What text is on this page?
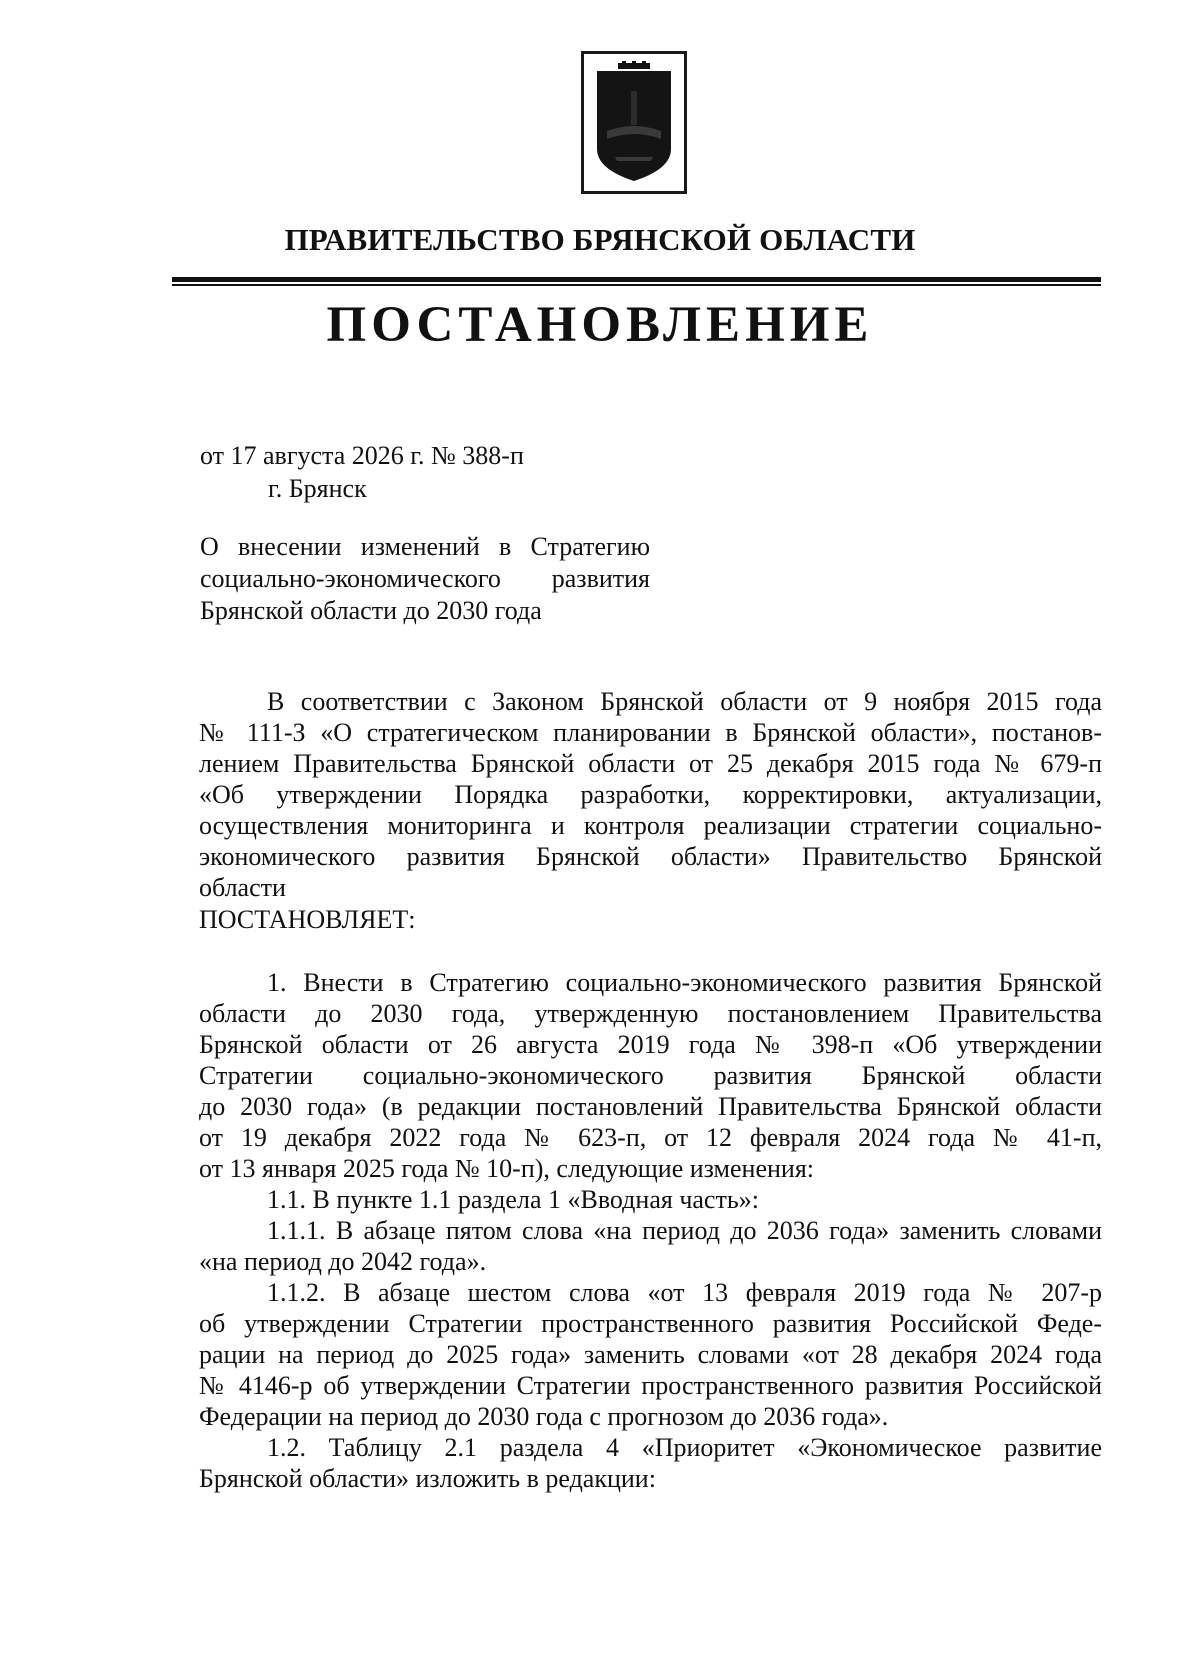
ПРАВИТЕЛЬСТВО БРЯНСКОЙ ОБЛАСТИ
ПОСТАНОВЛЕНИЕ
от 17 августа 2026 г. № 388-п
г. Брянск
О внесении изменений в Стратегию
социально-экономического развития
Брянской области до 2030 года
В соответствии с Законом Брянской области от 9 ноября 2015 года
№ 111-З «О стратегическом планировании в Брянской области», постанов-
лением Правительства Брянской области от 25 декабря 2015 года № 679-п
«Об утверждении Порядка разработки, корректировки, актуализации,
осуществления мониторинга и контроля реализации стратегии социально-
экономического развития Брянской области» Правительство Брянской
области
ПОСТАНОВЛЯЕТ:
1. Внести в Стратегию социально-экономического развития Брянской
области до 2030 года, утвержденную постановлением Правительства
Брянской области от 26 августа 2019 года № 398-п «Об утверждении
Стратегии социально-экономического развития Брянской области
до 2030 года» (в редакции постановлений Правительства Брянской области
от 19 декабря 2022 года № 623-п, от 12 февраля 2024 года № 41-п,
от 13 января 2025 года № 10-п), следующие изменения:
1.1. В пункте 1.1 раздела 1 «Вводная часть»:
1.1.1. В абзаце пятом слова «на период до 2036 года» заменить словами
«на период до 2042 года».
1.1.2. В абзаце шестом слова «от 13 февраля 2019 года № 207-р
об утверждении Стратегии пространственного развития Российской Феде-
рации на период до 2025 года» заменить словами «от 28 декабря 2024 года
№ 4146-р об утверждении Стратегии пространственного развития Российской
Федерации на период до 2030 года с прогнозом до 2036 года».
1.2. Таблицу 2.1 раздела 4 «Приоритет «Экономическое развитие
Брянской области» изложить в редакции:
